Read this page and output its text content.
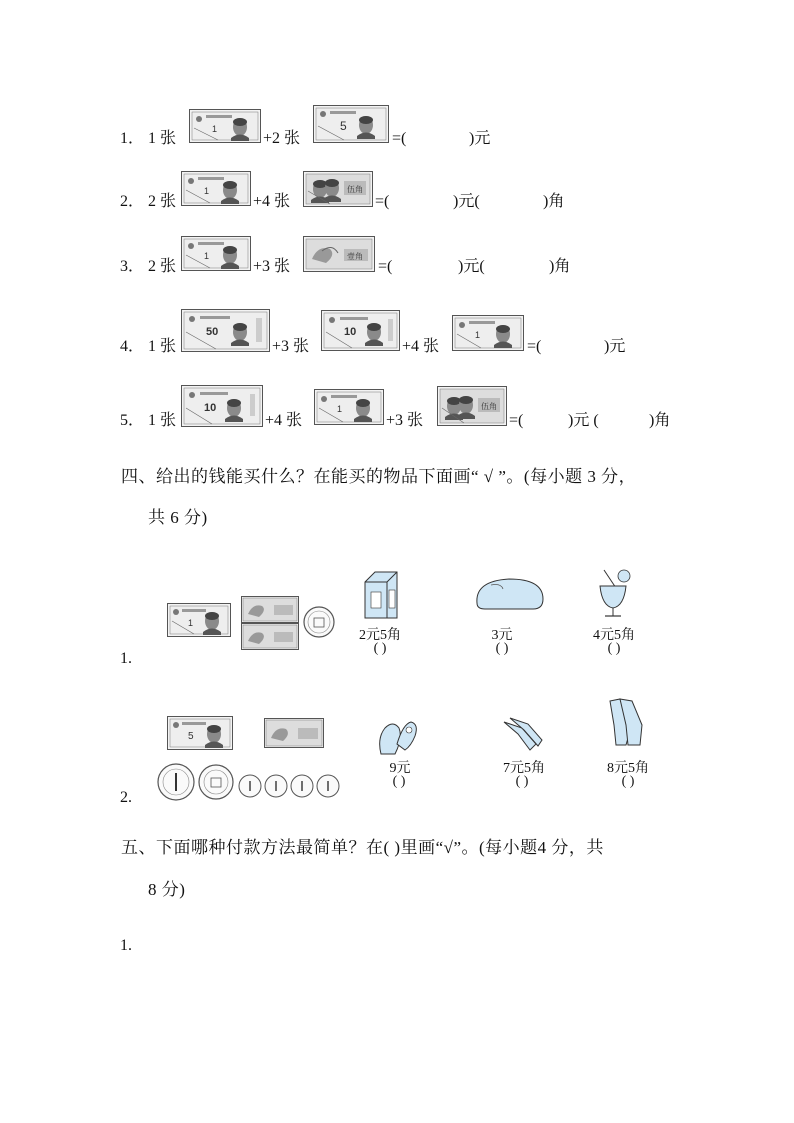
1． 1 张
1
+2 张
5
=(	)元
2． 2 张
1
+4 张
伍角
=(	)元(	)角
3． 2 张
1
+3 张
壹角
=(	)元(	)角
4． 1 张
50
+3 张
10
+4 张
1
=(	)元
5． 1 张
10
+4 张
1
+3 张
伍角
=(	)元 (	)角
四、给出的钱能买什么？在能买的物品下面画“ √ ”。(每小题 3 分，
共 6 分)
1
1.
2元5角
( )
3元
( )
4元5角
( )
5
2.
9元
( )
7元5角
( )
8元5角
( )
五、下面哪种付款方法最简单？在( )里画“√”。(每小题4 分，共
8 分)
1.
